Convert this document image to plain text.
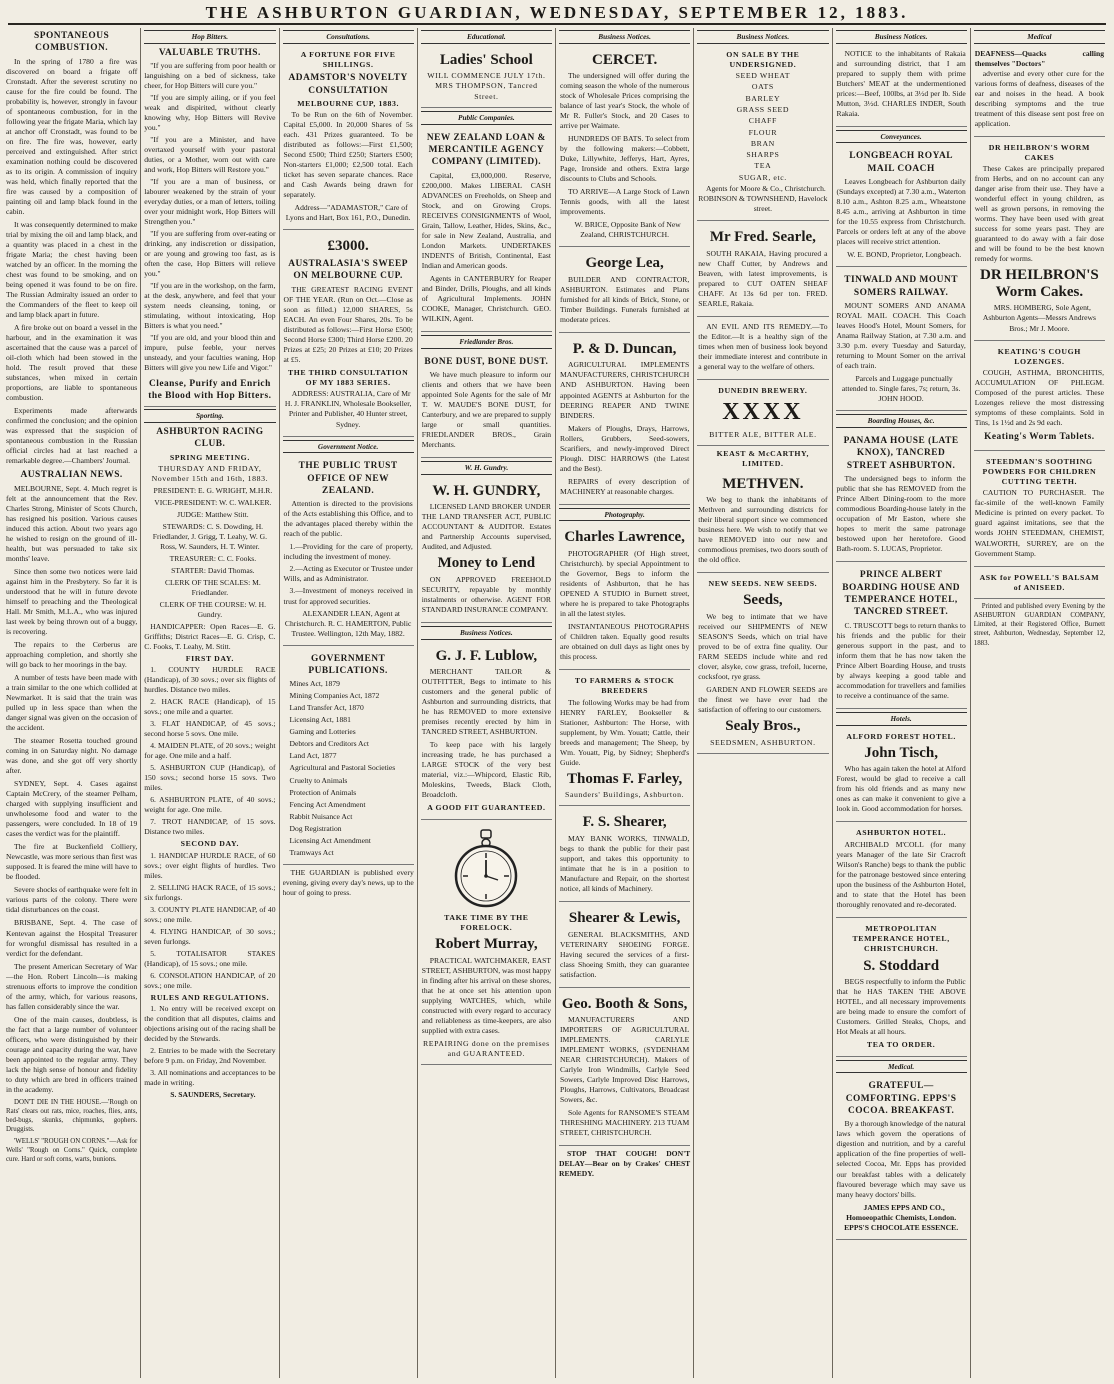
THE ASHBURTON GUARDIAN, WEDNESDAY, SEPTEMBER 12, 1883.
SPONTANEOUS COMBUSTION.
In the spring of 1780 a fire was discovered on board a frigate off Cronstadt. After the severest scrutiny no cause for the fire could be found. The probability is, however, strongly in favour of spontaneous combustion, for in the following year the frigate Maria, which lay at anchor off Cronstadt, was found to be on fire. The fire was, however, early perceived and extinguished. After strict examination nothing could be discovered as to its origin. A commission of inquiry was held, which finally reported that the fire was caused by a composition of painting oil and lamp black found in the cabin.
It was consequently determined to make trial by mixing the oil and lamp black, and a quantity was placed in a chest in the frigate Maria; the chest having been watched by an officer. In the morning the chest was found to be smoking, and on being opened it was found to be on fire. The Russian Admiralty issued an order to the Commanders of the fleet to keep oil and lamp black apart in future.
A fire broke out on board a vessel in the harbour, and in the examination it was ascertained that the cause was a parcel of oil-cloth which had been stowed in the hold. The result proved that these substances, when mixed in certain proportions, are liable to spontaneous combustion.
Experiments made afterwards confirmed the conclusion; and the opinion was expressed that the suspicion of spontaneous combustion in the Russian official circles had at last reached a remarkable degree.—Chambers' Journal.
AUSTRALIAN NEWS.
MELBOURNE, Sept. 4. Much regret is felt at the announcement that the Rev. Charles Strong, Minister of Scots Church, has resigned his position. Various causes induced this action. About two years ago he wished to resign on the ground of ill-health, but was persuaded to take six months' leave.
Since then some two notices were laid against him in the Presbytery. So far it is understood that he will in future devote himself to preaching and the Theological Hall. Mr Smith, M.L.A., who was injured last week by being thrown out of a buggy, is recovering.
The repairs to the Cerberus are approaching completion, and shortly she will go back to her moorings in the bay.
A number of tests have been made with a train similar to the one which collided at Newmarket. It is said that the train was pulled up in less space than when the danger signal was given on the occasion of the accident.
The steamer Rosetta touched ground coming in on Saturday night. No damage was done, and she got off very shortly after.
SYDNEY, Sept. 4. Cases against Captain McCrery, of the steamer Pelham, charged with supplying insufficient and unwholesome food and water to the passengers, were concluded. In 18 of 19 cases the verdict was for the plaintiff.
The fire at Buckenfield Colliery, Newcastle, was more serious than first was supposed. It is feared the mine will have to be flooded.
Severe shocks of earthquake were felt in various parts of the colony. There were tidal disturbances on the coast.
BRISBANE, Sept. 4. The case of Kentevan against the Hospital Treasurer for wrongful dismissal has resulted in a verdict for the defendant.
The present American Secretary of War—the Hon. Robert Lincoln—is making strenuous efforts to improve the condition of the army, which, for various reasons, has fallen considerably since the war.
One of the main causes, doubtless, is the fact that a large number of volunteer officers, who were distinguished by their courage and capacity during the war, have been appointed to the regular army. They lack the high sense of honour and fidelity to duty which are bred in officers trained in the academy.
DON'T DIE IN THE HOUSE.—'Rough on Rats' clears out rats, mice, roaches, flies, ants, bed-bugs, skunks, chipmunks, gophers. Druggists.
'WELLS' "ROUGH ON CORNS."—Ask for Wells' "Rough on Corns." Quick, complete cure. Hard or soft corns, warts, bunions.
Hop Bitters.
VALUABLE TRUTHS.
"If you are suffering from poor health or languishing on a bed of sickness, take cheer, for Hop Bitters will cure you."
"If you are simply ailing, or if you feel weak and dispirited, without clearly knowing why, Hop Bitters will Revive you."
"If you are a Minister, and have overtaxed yourself with your pastoral duties, or a Mother, worn out with care and work, Hop Bitters will Restore you."
"If you are a man of business, or labourer weakened by the strain of your everyday duties, or a man of letters, toiling over your midnight work, Hop Bitters will Strengthen you."
"If you are suffering from over-eating or drinking, any indiscretion or dissipation, or are young and growing too fast, as is often the case, Hop Bitters will relieve you."
"If you are in the workshop, on the farm, at the desk, anywhere, and feel that your system needs cleansing, toning, or stimulating, without intoxicating, Hop Bitters is what you need."
"If you are old, and your blood thin and impure, pulse feeble, your nerves unsteady, and your faculties waning, Hop Bitters will give you new Life and Vigor."
Cleanse, Purify and Enrich the Blood with Hop Bitters.
Sporting.
ASHBURTON RACING CLUB.
SPRING MEETING.
THURSDAY AND FRIDAY, November 15th and 16th, 1883.
PRESIDENT: E. G. WRIGHT, M.H.R.
VICE-PRESIDENT: W. C. WALKER.
JUDGE: Matthew Stitt.
STEWARDS: C. S. Dowding, H. Friedlander, J. Grigg, T. Leahy, W. G. Ross, W. Saunders, H. T. Winter.
TREASURER: C. C. Fooks.
STARTER: David Thomas.
CLERK OF THE SCALES: M. Friedlander.
CLERK OF THE COURSE: W. H. Gundry.
HANDICAPPER: Open Races—E. G. Griffiths; District Races—E. G. Crisp, C. C. Fooks, T. Leahy, M. Stitt.
FIRST DAY.
1. COUNTY HURDLE RACE (Handicap), of 30 sovs.; over six flights of hurdles. Distance two miles.
2. HACK RACE (Handicap), of 15 sovs.; one mile and a quarter.
3. FLAT HANDICAP, of 45 sovs.; second horse 5 sovs. One mile.
4. MAIDEN PLATE, of 20 sovs.; weight for age. One mile and a half.
5. ASHBURTON CUP (Handicap), of 150 sovs.; second horse 15 sovs. Two miles.
6. ASHBURTON PLATE, of 40 sovs.; weight for age. One mile.
7. TROT HANDICAP, of 15 sovs. Distance two miles.
SECOND DAY.
1. HANDICAP HURDLE RACE, of 60 sovs.; over eight flights of hurdles. Two miles.
2. SELLING HACK RACE, of 15 sovs.; six furlongs.
3. COUNTY PLATE HANDICAP, of 40 sovs.; one mile.
4. FLYING HANDICAP, of 30 sovs.; seven furlongs.
5. TOTALISATOR STAKES (Handicap), of 15 sovs.; one mile.
6. CONSOLATION HANDICAP, of 20 sovs.; one mile.
RULES AND REGULATIONS.
1. No entry will be received except on the condition that all disputes, claims and objections arising out of the racing shall be decided by the Stewards.
2. Entries to be made with the Secretary before 9 p.m. on Friday, 2nd November.
3. All nominations and acceptances to be made in writing.
S. SAUNDERS, Secretary.
Consultations.
A FORTUNE FOR FIVE SHILLINGS.
ADAMSTOR'S NOVELTY CONSULTATION
MELBOURNE CUP, 1883.
To be Run on the 6th of November. Capital £5,000. In 20,000 Shares of 5s each. 431 Prizes guaranteed. To be distributed as follows:—First £1,500; Second £500; Third £250; Starters £500; Non-starters £1,000; £2,500 total. Each ticket has seven separate chances. Race and Cash Awards being drawn for separately.
Address—"ADAMASTOR," Care of Lyons and Hart, Box 161, P.O., Dunedin.
£3000.
AUSTRALASIA'S SWEEP ON MELBOURNE CUP.
THE GREATEST RACING EVENT OF THE YEAR. (Run on Oct.—Close as soon as filled.) 12,000 SHARES, 5s EACH. An even Four Shares, 20s. To be distributed as follows:—First Horse £500; Second Horse £300; Third Horse £200. 20 Prizes at £25; 20 Prizes at £10; 20 Prizes at £5.
THE THIRD CONSULTATION OF MY 1883 SERIES.
ADDRESS: AUSTRALIA, Care of Mr H. J. FRANKLIN, Wholesale Bookseller, Printer and Publisher, 40 Hunter street, Sydney.
Government Notice.
THE PUBLIC TRUST OFFICE OF NEW ZEALAND.
Attention is directed to the provisions of the Acts establishing this Office, and to the advantages placed thereby within the reach of the public.
1.—Providing for the care of property, including the investment of money.
2.—Acting as Executor or Trustee under Wills, and as Administrator.
3.—Investment of moneys received in trust for approved securities.
ALEXANDER LEAN, Agent at Christchurch. R. C. HAMERTON, Public Trustee. Wellington, 12th May, 1882.
GOVERNMENT PUBLICATIONS.
Mines Act, 1879
Mining Companies Act, 1872
Land Transfer Act, 1870
Licensing Act, 1881
Gaming and Lotteries
Debtors and Creditors Act
Land Act, 1877
Agricultural and Pastoral Societies
Cruelty to Animals
Protection of Animals
Fencing Act Amendment
Rabbit Nuisance Act
Dog Registration
Licensing Act Amendment
Tramways Act
THE GUARDIAN is published every evening, giving every day's news, up to the hour of going to press.
Educational.
Ladies' School
WILL COMMENCE JULY 17th. MRS THOMPSON, Tancred Street.
Public Companies.
NEW ZEALAND LOAN & MERCANTILE AGENCY COMPANY (LIMITED).
Capital, £3,000,000. Reserve, £200,000. Makes LIBERAL CASH ADVANCES on Freeholds, on Sheep and Stock, and on Growing Crops. RECEIVES CONSIGNMENTS of Wool, Grain, Tallow, Leather, Hides, Skins, &c., for sale in New Zealand, Australia, and London Markets. UNDERTAKES INDENTS of British, Continental, East Indian and American goods.
Agents in CANTERBURY for Reaper and Binder, Drills, Ploughs, and all kinds of Agricultural Implements. JOHN COOKE, Manager, Christchurch. GEO. WILKIN, Agent.
Friedlander Bros.
BONE DUST, BONE DUST.
We have much pleasure to inform our clients and others that we have been appointed Sole Agents for the sale of Mr T. W. MAUDE'S BONE DUST, for Canterbury, and we are prepared to supply large or small quantities. FRIEDLANDER BROS., Grain Merchants.
W. H. Gundry.
W. H. GUNDRY,
LICENSED LAND BROKER UNDER THE LAND TRANSFER ACT, PUBLIC ACCOUNTANT & AUDITOR. Estates and Partnership Accounts supervised, Audited, and Adjusted.
Money to Lend
ON APPROVED FREEHOLD SECURITY, repayable by monthly instalments or otherwise. AGENT FOR STANDARD INSURANCE COMPANY.
Business Notices.
G. J. F. Lublow,
MERCHANT TAILOR & OUTFITTER, Begs to intimate to his customers and the general public of Ashburton and surrounding districts, that he has REMOVED to more extensive premises recently erected by him in TANCRED STREET, ASHBURTON.
To keep pace with his largely increasing trade, he has purchased a LARGE STOCK of the very best material, viz.:—Whipcord, Elastic Rib, Moleskins, Tweeds, Black Cloth, Broadcloth.
A GOOD FIT GUARANTEED.
TAKE TIME BY THE FORELOCK.
Robert Murray,
PRACTICAL WATCHMAKER, EAST STREET, ASHBURTON, was most happy in finding after his arrival on these shores, that he at once set his attention upon supplying WATCHES, which, while constructed with every regard to accuracy and reliableness as time-keepers, are also supplied with extra cases.
REPAIRING done on the premises and GUARANTEED.
Business Notices.
CERCET.
The undersigned will offer during the coming season the whole of the numerous stock of Wholesale Prices comprising the balance of last year's Stock, the whole of Mr R. Fuller's Stock, and 20 Cases to arrive per Waimate.
HUNDREDS OF BATS. To select from by the following makers:—Cobbett, Duke, Lillywhite, Jefferys, Hart, Ayres, Page, Ironside and others. Extra large discounts to Clubs and Schools.
TO ARRIVE—A Large Stock of Lawn Tennis goods, with all the latest improvements.
W. BRICE, Opposite Bank of New Zealand, CHRISTCHURCH.
George Lea,
BUILDER AND CONTRACTOR, ASHBURTON. Estimates and Plans furnished for all kinds of Brick, Stone, or Timber Buildings. Funerals furnished at moderate prices.
P. & D. Duncan,
AGRICULTURAL IMPLEMENTS MANUFACTURERS, CHRISTCHURCH AND ASHBURTON. Having been appointed AGENTS at Ashburton for the DEERING REAPER AND TWINE BINDERS.
Makers of Ploughs, Drays, Harrows, Rollers, Grubbers, Seed-sowers, Scarifiers, and newly-improved Direct Plough. DISC HARROWS (the Latest and the Best).
REPAIRS of every description of MACHINERY at reasonable charges.
Photography.
Charles Lawrence,
PHOTOGRAPHER (Of High street, Christchurch). by special Appointment to the Governor, Begs to inform the residents of Ashburton, that he has OPENED A STUDIO in Burnett street, where he is prepared to take Photographs in all the latest styles.
INSTANTANEOUS PHOTOGRAPHS of Children taken. Equally good results are obtained on dull days as light ones by this process.
TO FARMERS & STOCK BREEDERS
The following Works may be had from HENRY FARLEY, Bookseller & Stationer, Ashburton: The Horse, with supplement, by Wm. Youatt; Cattle, their breeds and management; The Sheep, by Wm. Youatt, Pig, by Sidney; Shepherd's Guide.
Thomas F. Farley,
Saunders' Buildings, Ashburton.
F. S. Shearer,
MAY BANK WORKS, TINWALD, begs to thank the public for their past support, and takes this opportunity to intimate that he is in a position to Manufacture and Repair, on the shortest notice, all kinds of Machinery.
Shearer & Lewis,
GENERAL BLACKSMITHS, AND VETERINARY SHOEING FORGE. Having secured the services of a first-class Shoeing Smith, they can guarantee satisfaction.
Geo. Booth & Sons,
MANUFACTURERS AND IMPORTERS OF AGRICULTURAL IMPLEMENTS. CARLYLE IMPLEMENT WORKS, (SYDENHAM NEAR CHRISTCHURCH). Makers of Carlyle Iron Windmills, Carlyle Seed Sowers, Carlyle Improved Disc Harrows, Ploughs, Harrows, Cultivators, Broadcast Sowers, &c.
Sole Agents for RANSOME'S STEAM THRESHING MACHINERY. 213 TUAM STREET, CHRISTCHURCH.
STOP THAT COUGH! DON'T DELAY—Bear on by Crakes' CHEST REMEDY.
Business Notices.
ON SALE BY THE UNDERSIGNED.
SEED WHEAT
OATS
BARLEY
GRASS SEED
CHAFF
FLOUR
BRAN
SHARPS
TEA
SUGAR, etc.
Agents for Moore & Co., Christchurch. ROBINSON & TOWNSHEND, Havelock street.
Mr Fred. Searle,
SOUTH RAKAIA, Having procured a new Chaff Cutter, by Andrews and Beaven, with latest improvements, is prepared to CUT OATEN SHEAF CHAFF. At 13s 6d per ton. FRED. SEARLE, Rakaia.
AN EVIL AND ITS REMEDY.—To the Editor.—It is a healthy sign of the times when men of business look beyond their immediate interest and contribute in a general way to the welfare of others.
DUNEDIN BREWERY.
XXXX
BITTER ALE, BITTER ALE.
KEAST & McCARTHY, LIMITED.
METHVEN.
We beg to thank the inhabitants of Methven and surrounding districts for their liberal support since we commenced business here. We wish to notify that we have REMOVED into our new and commodious premises, two doors south of the old office.
NEW SEEDS. NEW SEEDS.
Seeds,
We beg to intimate that we have received our SHIPMENTS of NEW SEASON'S Seeds, which on trial have proved to be of extra fine quality. Our FARM SEEDS include white and red clover, alsyke, cow grass, trefoil, lucerne, cocksfoot, rye grass.
GARDEN AND FLOWER SEEDS are the finest we have ever had the satisfaction of offering to our customers.
Sealy Bros.,
SEEDSMEN, ASHBURTON.
Business Notices.
NOTICE to the inhabitants of Rakaia and surrounding district, that I am prepared to supply them with prime Butchers' MEAT at the undermentioned prices:—Beef, 100lbs, at 3½d per lb. Side Mutton, 3½d. CHARLES INDER, South Rakaia.
Conveyances.
LONGBEACH ROYAL MAIL COACH
Leaves Longbeach for Ashburton daily (Sundays excepted) at 7.30 a.m., Waterton 8.10 a.m., Ashton 8.25 a.m., Wheatstone 8.45 a.m., arriving at Ashburton in time for the 10.55 express from Christchurch. Parcels or orders left at any of the above places will receive strict attention.
W. E. BOND, Proprietor, Longbeach.
TINWALD AND MOUNT SOMERS RAILWAY.
MOUNT SOMERS AND ANAMA ROYAL MAIL COACH. This Coach leaves Hood's Hotel, Mount Somers, for Anama Railway Station, at 7.30 a.m. and 3.30 p.m. every Tuesday and Saturday, returning to Mount Somer on the arrival of each train.
Parcels and Luggage punctually attended to. Single fares, 7s; return, 3s. JOHN HOOD.
Boarding Houses, &c.
PANAMA HOUSE (LATE KNOX), TANCRED STREET ASHBURTON.
The undersigned begs to inform the public that she has REMOVED from the Prince Albert Dining-room to the more commodious Boarding-house lately in the occupation of Mr Easton, where she hopes to merit the same patronage bestowed upon her heretofore. Good Bath-room. S. LUCAS, Proprietor.
PRINCE ALBERT BOARDING HOUSE AND TEMPERANCE HOTEL, TANCRED STREET.
C. TRUSCOTT begs to return thanks to his friends and the public for their generous support in the past, and to inform them that he has now taken the Prince Albert Boarding House, and trusts by always keeping a good table and accommodation for travellers and families to receive a continuance of the same.
Hotels.
ALFORD FOREST HOTEL.
John Tisch,
Who has again taken the hotel at Alford Forest, would be glad to receive a call from his old friends and as many new ones as can make it convenient to give a look in. Good accommodation for horses.
ASHBURTON HOTEL.
ARCHIBALD M'COLL (for many years Manager of the late Sir Cracroft Wilson's Ranche) begs to thank the public for the patronage bestowed since entering upon the business of the Ashburton Hotel, and to state that the Hotel has been thoroughly renovated and re-decorated.
METROPOLITAN TEMPERANCE HOTEL, CHRISTCHURCH.
S. Stoddard
BEGS respectfully to inform the Public that he HAS TAKEN THE ABOVE HOTEL, and all necessary improvements are being made to ensure the comfort of Customers. Grilled Steaks, Chops, and Hot Meals at all hours.
TEA TO ORDER.
Medical.
GRATEFUL—COMFORTING. EPPS'S COCOA. BREAKFAST.
By a thorough knowledge of the natural laws which govern the operations of digestion and nutrition, and by a careful application of the fine properties of well-selected Cocoa, Mr. Epps has provided our breakfast tables with a delicately flavoured beverage which may save us many heavy doctors' bills.
JAMES EPPS AND CO., Homoeopathic Chemists, London. EPPS'S CHOCOLATE ESSENCE.
Medical
DEAFNESS—Quacks calling themselves "Doctors"
advertise and every other cure for the various forms of deafness, diseases of the ear and noises in the head. A book describing symptoms and the true treatment of this disease sent post free on application.
DR HEILBRON'S WORM CAKES
These Cakes are principally prepared from Herbs, and on no account can any danger arise from their use. They have a wonderful effect in young children, as well as grown persons, in removing the worms. They have been used with great success for some years past. They are guaranteed to do away with a fair dose and will be found to be the best known remedy for worms.
DR HEILBRON'S Worm Cakes.
MRS. HOMBERG, Sole Agent, Ashburton Agents—Messrs Andrews Bros.; Mr J. Moore.
KEATING'S COUGH LOZENGES.
COUGH, ASTHMA, BRONCHITIS, ACCUMULATION OF PHLEGM. Composed of the purest articles. These Lozenges relieve the most distressing symptoms of these complaints. Sold in Tins, 1s 1½d and 2s 9d each.
Keating's Worm Tablets.
STEEDMAN'S SOOTHING POWDERS FOR CHILDREN CUTTING TEETH.
CAUTION TO PURCHASER. The fac-simile of the well-known Family Medicine is printed on every packet. To guard against imitations, see that the words JOHN STEEDMAN, CHEMIST, WALWORTH, SURREY, are on the Government Stamp.
ASK for POWELL'S BALSAM of ANISEED.
Printed and published every Evening by the ASHBURTON GUARDIAN COMPANY, Limited, at their Registered Office, Burnett street, Ashburton, Wednesday, September 12, 1883.
